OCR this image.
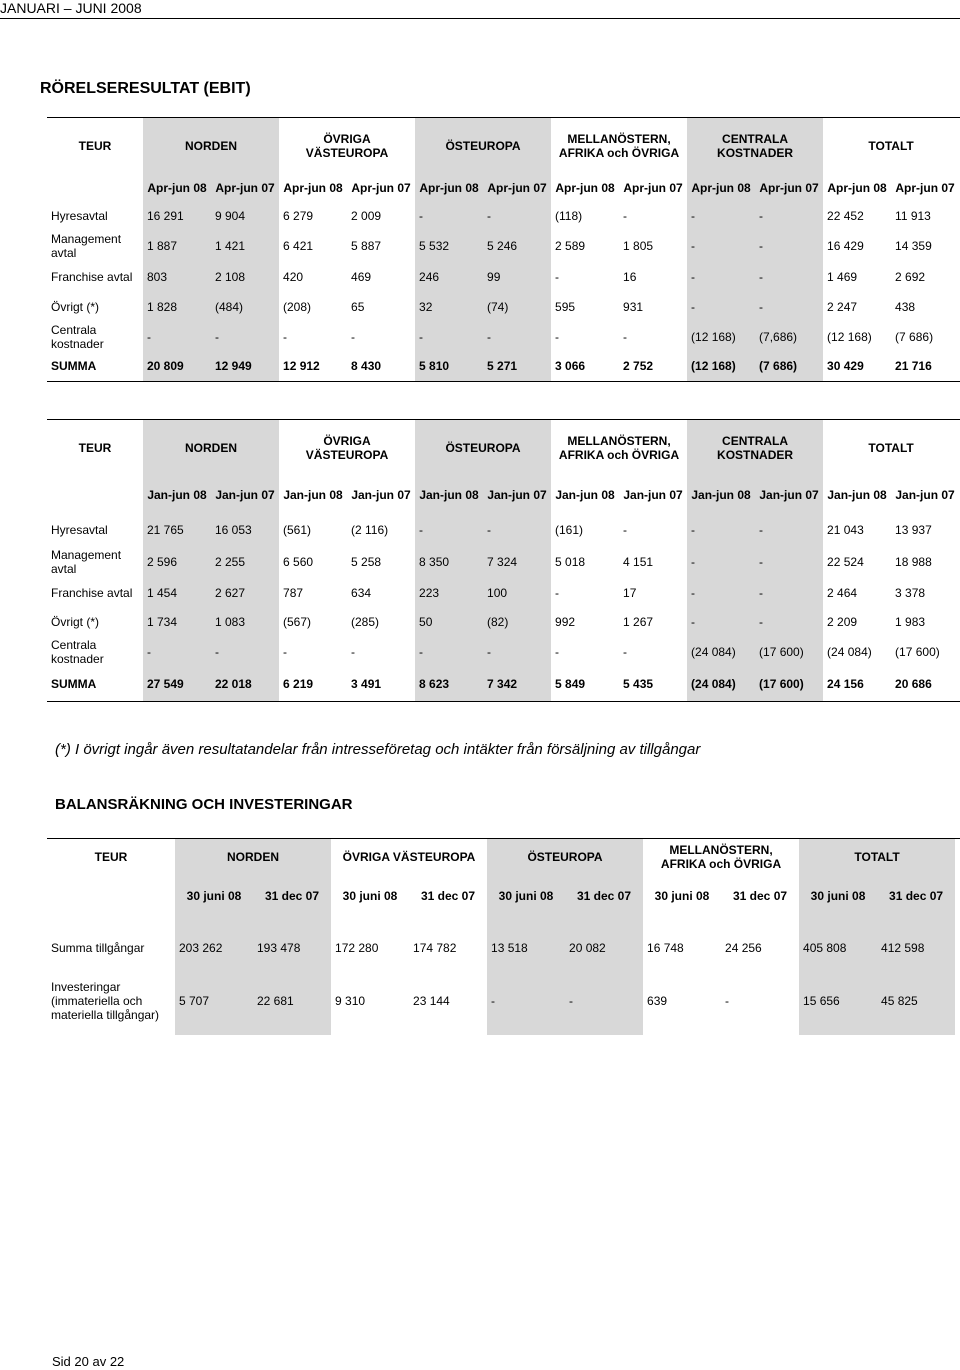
JANUARI – JUNI 2008
RÖRELSERESULTAT (EBIT)
TEUR	NORDEN		ÖVRIGA VÄSTEUROPA		ÖSTEUROPA		MELLANÖSTERN, AFRIKA och ÖVRIGA		CENTRALA KOSTNADER		TOTALT		
	Apr-jun 08	Apr-jun 07	Apr-jun 08	Apr-jun 07	Apr-jun 08	Apr-jun 07	Apr-jun 08	Apr-jun 07	Apr-jun 08	Apr-jun 07	Apr-jun 08	Apr-jun 07	
Hyresavtal	16 291	9 904	6 279	2 009	-	-	(118)	-	-	-	22 452	11 913	
Management avtal	1 887	1 421	6 421	5 887	5 532	5 246	2 589	1 805	-	-	16 429	14 359	
Franchise avtal	803	2 108	420	469	246	99	-	16	-	-	1 469	2 692	
Övrigt (*)	1 828	(484)	(208)	65	32	(74)	595	931	-	-	2 247	438	
Centrala kostnader	-	-	-	-	-	-	-	-	(12 168)	(7,686)	(12 168)	(7 686)	
SUMMA	20 809	12 949	12 912	8 430	5 810	5 271	3 066	2 752	(12 168)	(7 686)	30 429	21 716	
TEUR	NORDEN		ÖVRIGA VÄSTEUROPA		ÖSTEUROPA		MELLANÖSTERN, AFRIKA och ÖVRIGA		CENTRALA KOSTNADER		TOTALT		
	Jan-jun 08	Jan-jun 07	Jan-jun 08	Jan-jun 07	Jan-jun 08	Jan-jun 07	Jan-jun 08	Jan-jun 07	Jan-jun 08	Jan-jun 07	Jan-jun 08	Jan-jun 07	
Hyresavtal	21 765	16 053	(561)	(2 116)	-	-	(161)	-	-	-	21 043	13 937	
Management avtal	2 596	2 255	6 560	5 258	8 350	7 324	5 018	4 151	-	-	22 524	18 988	
Franchise avtal	1 454	2 627	787	634	223	100	-	17	-	-	2 464	3 378	
Övrigt (*)	1 734	1 083	(567)	(285)	50	(82)	992	1 267	-	-	2 209	1 983	
Centrala kostnader	-	-	-	-	-	-	-	-	(24 084)	(17 600)	(24 084)	(17 600)	
SUMMA	27 549	22 018	6 219	3 491	8 623	7 342	5 849	5 435	(24 084)	(17 600)	24 156	20 686	
(*) I övrigt ingår även resultatandelar från intresseföretag och intäkter från försäljning av tillgångar
BALANSRÄKNING OCH INVESTERINGAR
TEUR	NORDEN		ÖVRIGA VÄSTEUROPA		ÖSTEUROPA		MELLANÖSTERN, AFRIKA och ÖVRIGA		TOTALT		
	30 juni 08	31 dec 07	30 juni 08	31 dec 07	30 juni 08	31 dec 07	30 juni 08	31 dec 07	30 juni 08	31 dec 07	

Summa tillgångar	203 262	193 478	172 280	174 782	13 518	20 082	16 748	24 256	405 808	412 598	
Investeringar (immateriella och materiella tillgångar)	5 707	22 681	9 310	23 144	-	-	639	-	15 656	45 825	
Sid 20 av 22
